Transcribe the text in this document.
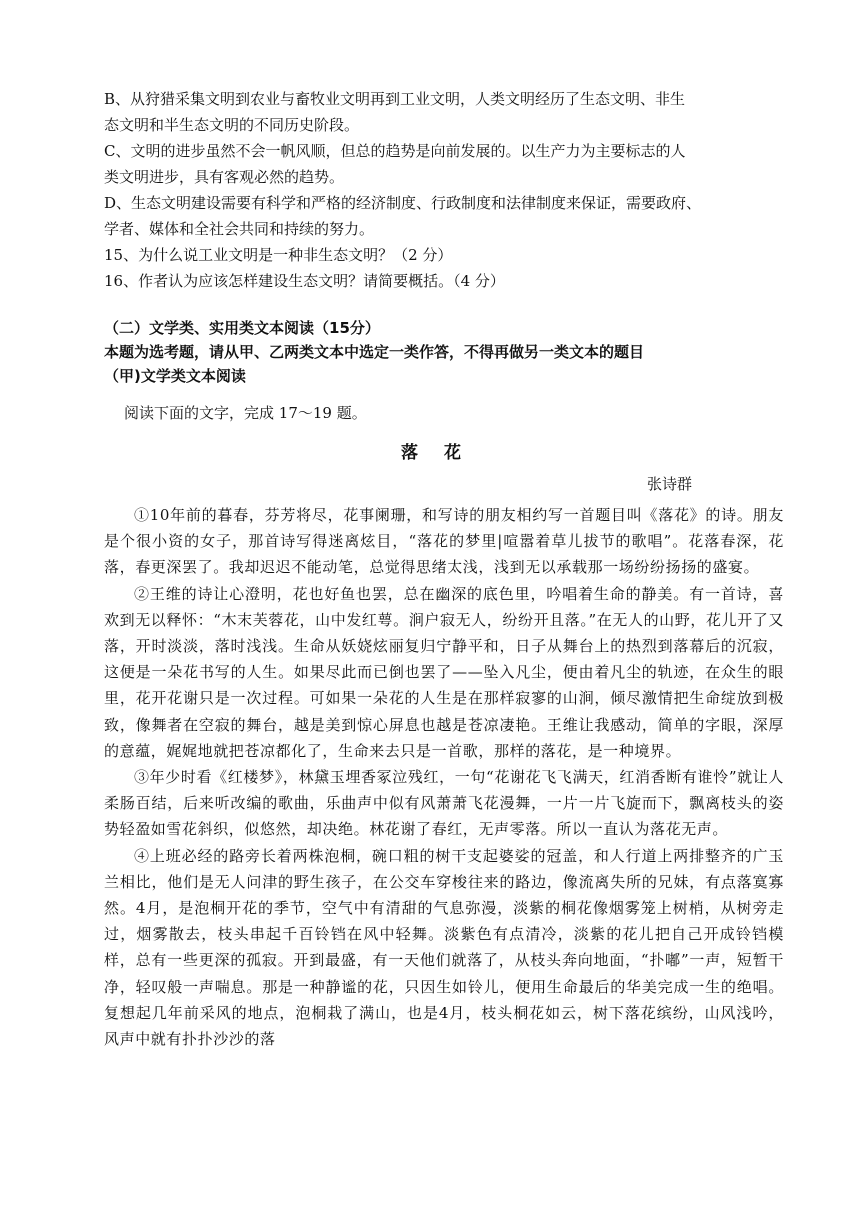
B、从狩猎采集文明到农业与畜牧业文明再到工业文明，人类文明经历了生态文明、非生
态文明和半生态文明的不同历史阶段。
C、文明的进步虽然不会一帆风顺，但总的趋势是向前发展的。以生产力为主要标志的人
类文明进步，具有客观必然的趋势。
D、生态文明建设需要有科学和严格的经济制度、行政制度和法律制度来保证，需要政府、
学者、媒体和全社会共同和持续的努力。
15、为什么说工业文明是一种非生态文明？（2 分）
16、作者认为应该怎样建设生态文明？请简要概括。（4 分）
（二）文学类、实用类文本阅读（15分）
本题为选考题，请从甲、乙两类文本中选定一类作答，不得再做另一类文本的题目
（甲)文学类文本阅读
阅读下面的文字，完成 17～19 题。
落花
张诗群

①10年前的暮春，芬芳将尽，花事阑珊，和写诗的朋友相约写一首题目叫《落花》的诗。朋友是个很小资的女子，那首诗写得迷离炫目，“落花的梦里|喧嚣着草儿拔节的歌唱”。花落春深，花落，春更深罢了。我却迟迟不能动笔，总觉得思绪太浅，浅到无以承载那一场纷纷扬扬的盛宴。

②王维的诗让心澄明，花也好鱼也罢，总在幽深的底色里，吟唱着生命的静美。有一首诗，喜欢到无以释怀：“木末芙蓉花，山中发红萼。涧户寂无人，纷纷开且落。”在无人的山野，花儿开了又落，开时淡淡，落时浅浅。生命从妖娆炫丽复归宁静平和，日子从舞台上的热烈到落幕后的沉寂，这便是一朵花书写的人生。如果尽此而已倒也罢了——坠入凡尘，便由着凡尘的轨迹，在众生的眼里，花开花谢只是一次过程。可如果一朵花的人生是在那样寂寥的山涧，倾尽激情把生命绽放到极致，像舞者在空寂的舞台，越是美到惊心屏息也越是苍凉凄艳。王维让我感动，简单的字眼，深厚的意蕴，娓娓地就把苍凉都化了，生命来去只是一首歌，那样的落花，是一种境界。

③年少时看《红楼梦》，林黛玉埋香冢泣残红，一句“花谢花飞飞满天，红消香断有谁怜”就让人柔肠百结，后来听改编的歌曲，乐曲声中似有风萧萧飞花漫舞，一片一片飞旋而下，飘离枝头的姿势轻盈如雪花斜织，似悠然，却决绝。林花谢了春红，无声零落。所以一直认为落花无声。

④上班必经的路旁长着两株泡桐，碗口粗的树干支起婆娑的冠盖，和人行道上两排整齐的广玉兰相比，他们是无人问津的野生孩子，在公交车穿梭往来的路边，像流离失所的兄妹，有点落寞寡然。4月，是泡桐开花的季节，空气中有清甜的气息弥漫，淡紫的桐花像烟雾笼上树梢，从树旁走过，烟雾散去，枝头串起千百铃铛在风中轻舞。淡紫色有点清冷，淡紫的花儿把自己开成铃铛模样，总有一些更深的孤寂。开到最盛，有一天他们就落了，从枝头奔向地面，“扑嘟”一声，短暂干净，轻叹般一声喘息。那是一种静谧的花，只因生如铃儿，便用生命最后的华美完成一生的绝唱。复想起几年前采风的地点，泡桐栽了满山，也是4月，枝头桐花如云，树下落花缤纷，山风浅吟，风声中就有扑扑沙沙的落
